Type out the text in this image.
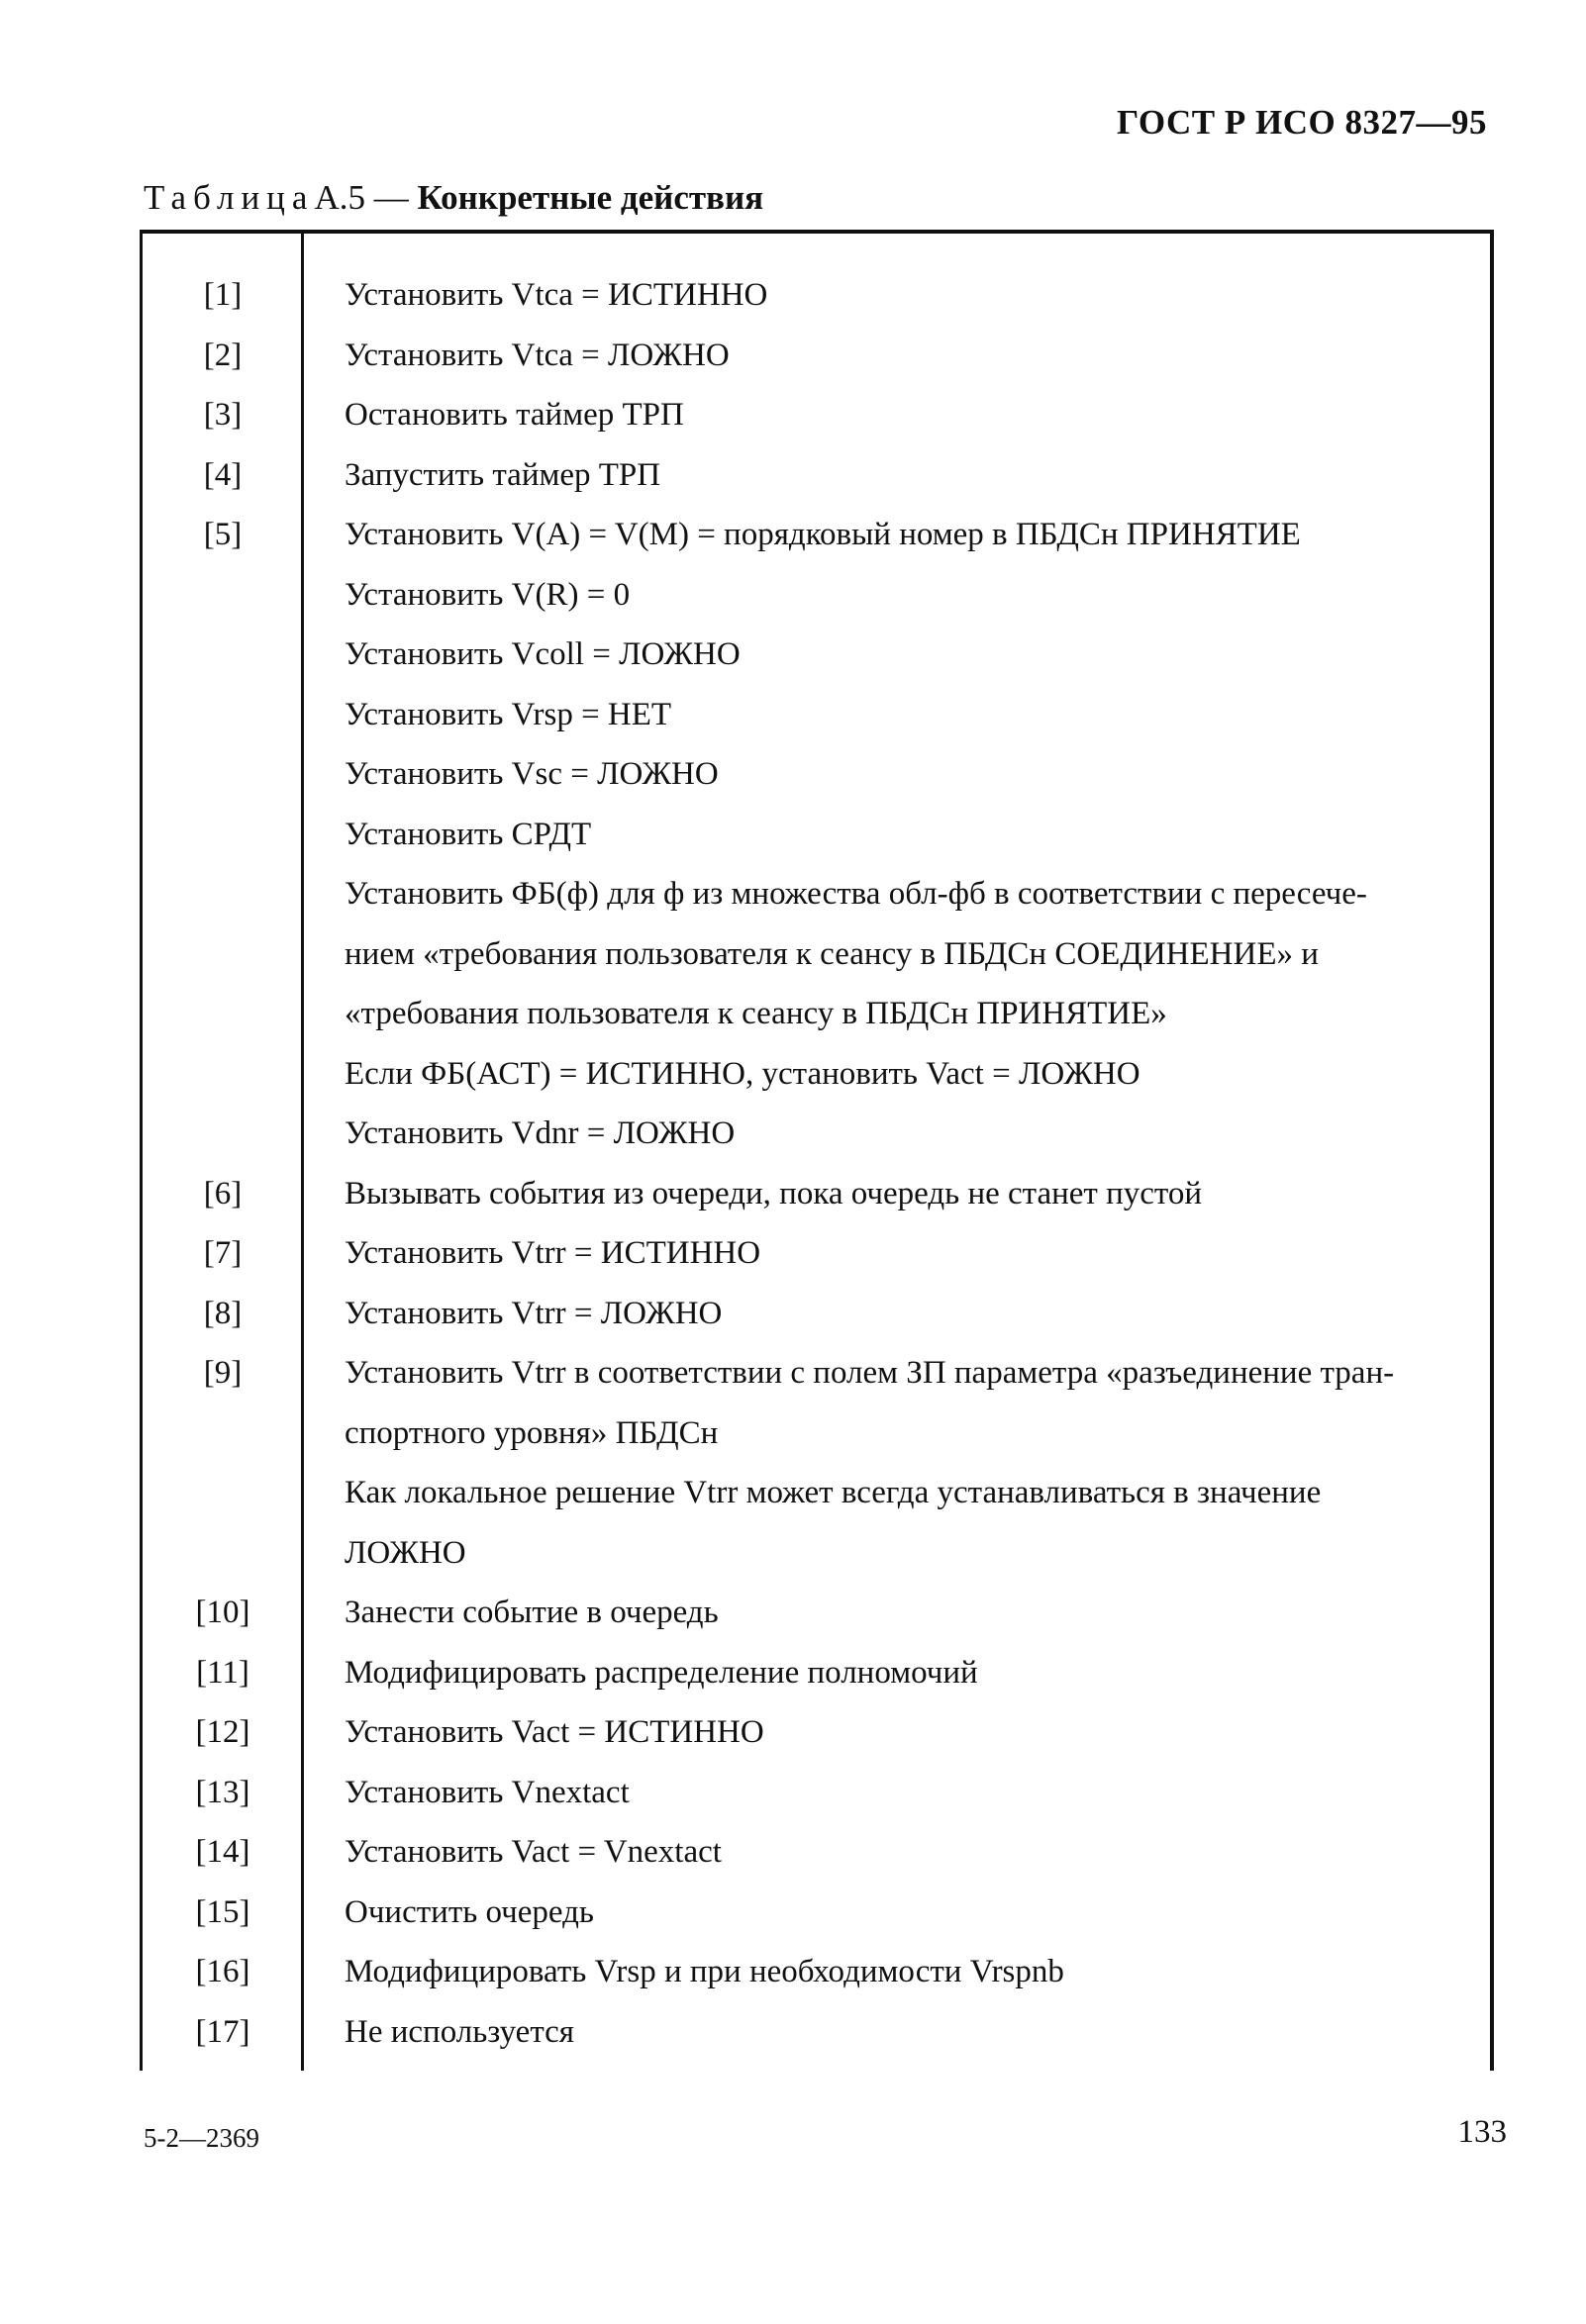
ГОСТ Р ИСО 8327—95
ТаблицаА.5 — Конкретные действия
[1]	Установить Vtca = ИСТИННО
[2]	Установить Vtca = ЛОЖНО
[3]	Остановить таймер ТРП
[4]	Запустить таймер ТРП
[5]	Установить V(A) = V(M) = порядковый номер в ПБДСн ПРИНЯТИЕ
Установить V(R) = 0
Установить Vcoll = ЛОЖНО
Установить Vrsp = НЕТ
Установить Vsc = ЛОЖНО
Установить СРДТ
Установить ФБ(ф) для ф из множества обл-фб в соответствии с пересече-
нием «требования пользователя к сеансу в ПБДСн СОЕДИНЕНИЕ» и
«требования пользователя к сеансу в ПБДСн ПРИНЯТИЕ»
Если ФБ(АСТ) = ИСТИННО, установить Vact = ЛОЖНО
Установить Vdnr = ЛОЖНО
[6]	Вызывать события из очереди, пока очередь не станет пустой
[7]	Установить Vtrr = ИСТИННО
[8]	Установить Vtrr = ЛОЖНО
[9]	Установить Vtrr в соответствии с полем ЗП параметра «разъединение тран-
спортного уровня» ПБДСн
Как локальное решение Vtrr может всегда устанавливаться в значение
ЛОЖНО
[10]	Занести событие в очередь
[11]	Модифицировать распределение полномочий
[12]	Установить Vact = ИСТИННО
[13]	Установить Vnextact
[14]	Установить Vact = Vnextact
[15]	Очистить очередь
[16]	Модифицировать Vrsp и при необходимости Vrspnb
[17]	Не используется
5-2—2369	133
